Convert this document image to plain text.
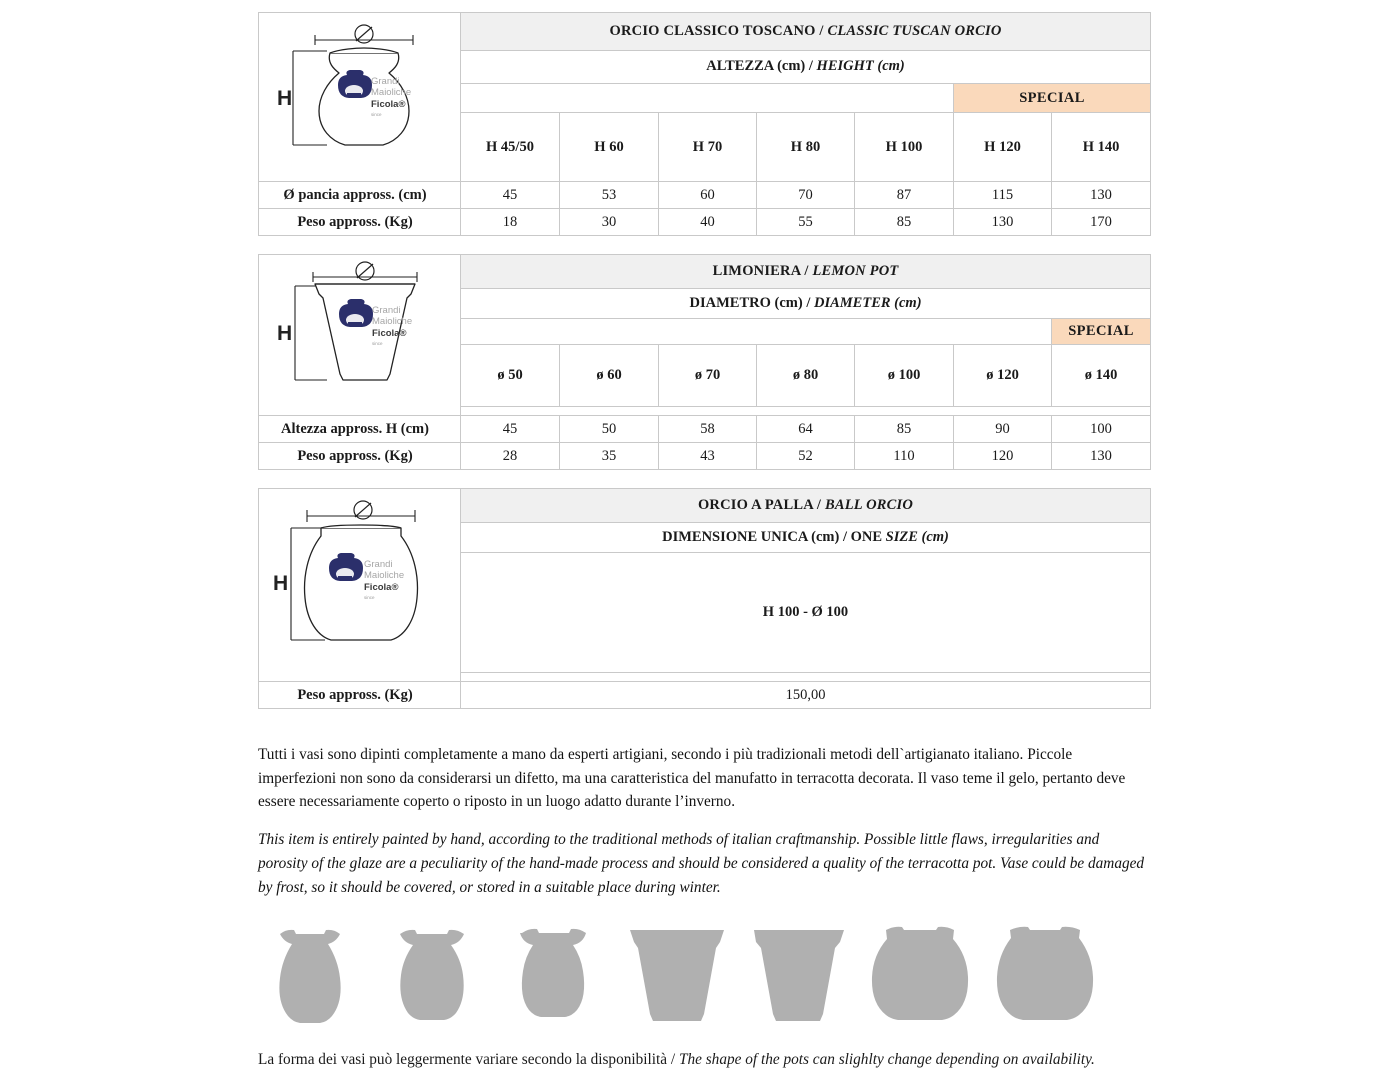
H
Grandi
Maioliche
Ficola®
since	ORCIO CLASSICO TOSCANO / CLASSIC TUSCAN ORCIO						
	ALTEZZA (cm) / HEIGHT (cm)						
						SPECIAL	
	H 45/50	H 60	H 70	H 80	H 100	H 120	H 140
Ø pancia appross. (cm)	45	53	60	70	87	115	130
Peso appross. (Kg)	18	30	40	55	85	130	170
H
Grandi
Maioliche
Ficola®
since	LIMONIERA / LEMON POT						
	DIAMETRO (cm) / DIAMETER (cm)						
							SPECIAL
	ø 50	ø 60	ø 70	ø 80	ø 100	ø 120	ø 140

Altezza appross. H (cm)	45	50	58	64	85	90	100
Peso appross. (Kg)	28	35	43	52	110	120	130
H
Grandi
Maioliche
Ficola®
since	ORCIO A PALLA / BALL ORCIO
	DIMENSIONE UNICA (cm) / ONE SIZE (cm)
	H 100 - Ø 100

Peso appross. (Kg)	150,00
Tutti i vasi sono dipinti completamente a mano da esperti artigiani, secondo i più tradizionali metodi dell`artigianato italiano. Piccole imperfezioni non sono da considerarsi un difetto, ma una caratteristica del manufatto in terracotta decorata. Il vaso teme il gelo, pertanto deve essere necessariamente coperto o riposto in un luogo adatto durante l’inverno.
This item is entirely painted by hand, according to the traditional methods of italian craftmanship. Possible little flaws, irregularities and porosity of the glaze are a peculiarity of the hand-made process and should be considered a quality of the terracotta pot. Vase could be damaged by frost, so it should be covered, or stored in a suitable place during winter.
La forma dei vasi può leggermente variare secondo la disponibilità / The shape of the pots can slighlty change depending on availability.
